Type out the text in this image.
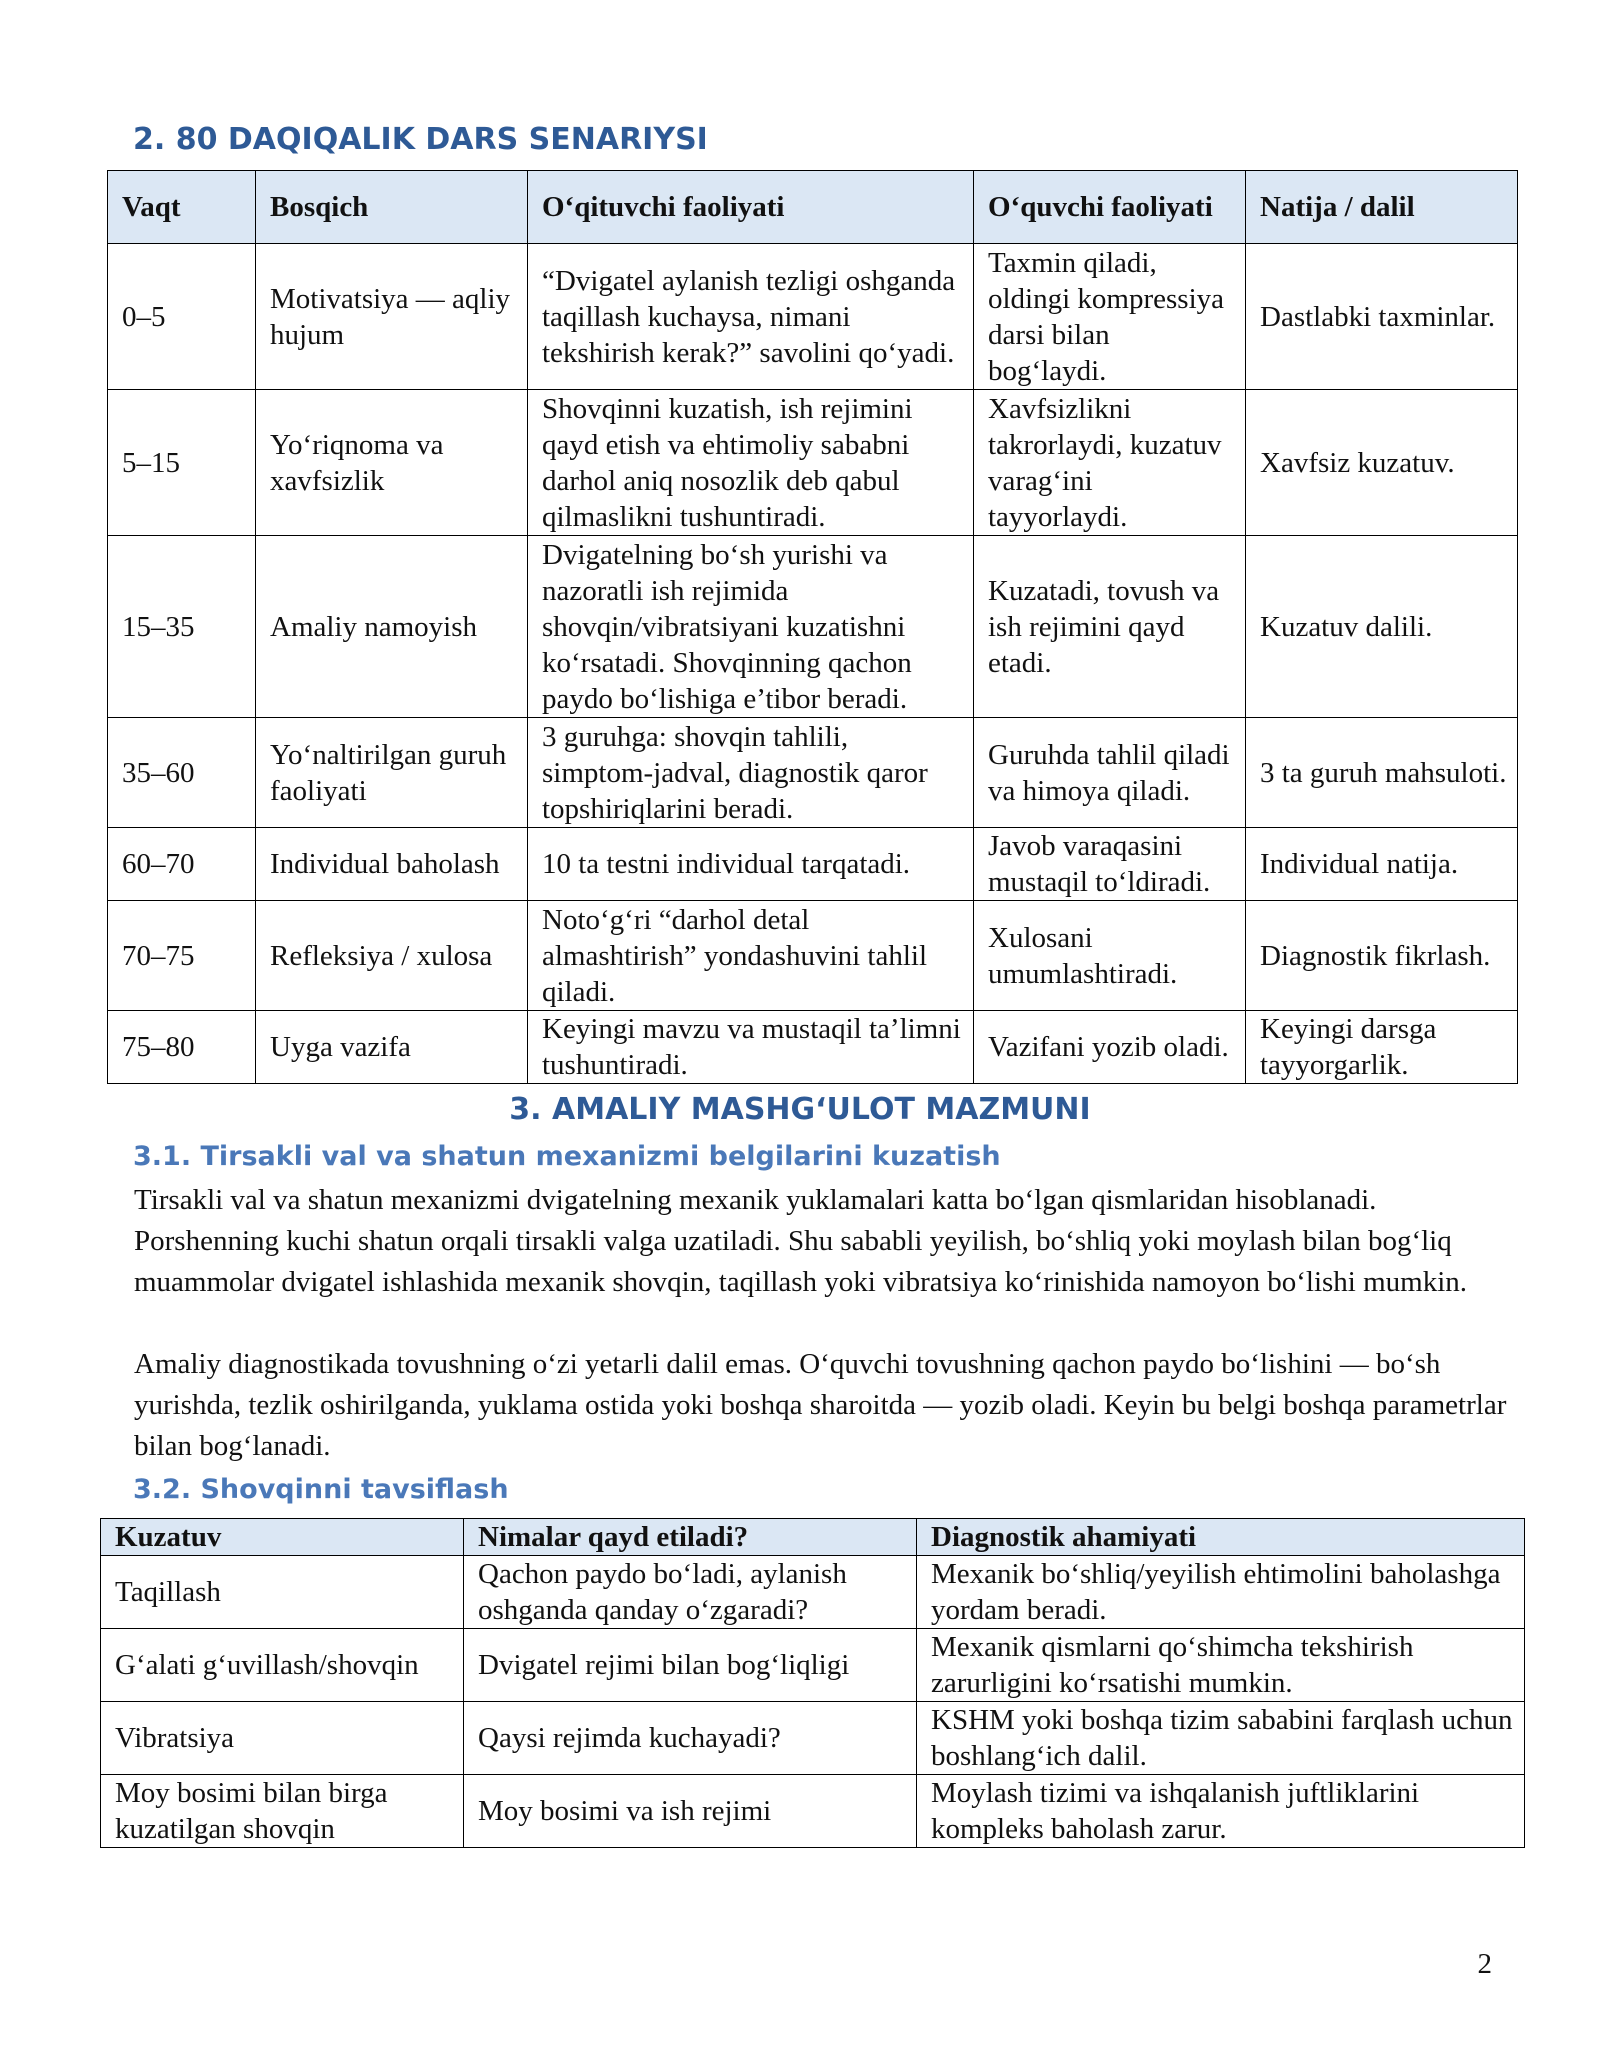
2. 80 DAQIQALIK DARS SENARIYSI
Vaqt	Bosqich	O‘qituvchi faoliyati	O‘quvchi faoliyati	Natija / dalil
0–5	Motivatsiya — aqliy hujum	“Dvigatel aylanish tezligi oshganda taqillash kuchaysa, nimani tekshirish kerak?” savolini qo‘yadi.	Taxmin qiladi, oldingi kompressiya darsi bilan bog‘laydi.	Dastlabki taxminlar.
5–15	Yo‘riqnoma va xavfsizlik	Shovqinni kuzatish, ish rejimini qayd etish va ehtimoliy sababni darhol aniq nosozlik deb qabul qilmaslikni tushuntiradi.	Xavfsizlikni takrorlaydi, kuzatuv varag‘ini tayyorlaydi.	Xavfsiz kuzatuv.
15–35	Amaliy namoyish	Dvigatelning bo‘sh yurishi va nazoratli ish rejimida shovqin/vibratsiyani kuzatishni ko‘rsatadi. Shovqinning qachon paydo bo‘lishiga e’tibor beradi.	Kuzatadi, tovush va ish rejimini qayd etadi.	Kuzatuv dalili.
35–60	Yo‘naltirilgan guruh faoliyati	3 guruhga: shovqin tahlili, simptom-jadval, diagnostik qaror topshiriqlarini beradi.	Guruhda tahlil qiladi va himoya qiladi.	3 ta guruh mahsuloti.
60–70	Individual baholash	10 ta testni individual tarqatadi.	Javob varaqasini mustaqil to‘ldiradi.	Individual natija.
70–75	Refleksiya / xulosa	Noto‘g‘ri “darhol detal almashtirish” yondashuvini tahlil qiladi.	Xulosani umumlashtiradi.	Diagnostik fikrlash.
75–80	Uyga vazifa	Keyingi mavzu va mustaqil ta’limni tushuntiradi.	Vazifani yozib oladi.	Keyingi darsga tayyorgarlik.
3. AMALIY MASHG‘ULOT MAZMUNI
3.1. Tirsakli val va shatun mexanizmi belgilarini kuzatish

Tirsakli val va shatun mexanizmi dvigatelning mexanik yuklamalari katta bo‘lgan qismlaridan hisoblanadi. Porshenning kuchi shatun orqali tirsakli valga uzatiladi. Shu sababli yeyilish, bo‘shliq yoki moylash bilan bog‘liq muammolar dvigatel ishlashida mexanik shovqin, taqillash yoki vibratsiya ko‘rinishida namoyon bo‘lishi mumkin.

Amaliy diagnostikada tovushning o‘zi yetarli dalil emas. O‘quvchi tovushning qachon paydo bo‘lishini — bo‘sh yurishda, tezlik oshirilganda, yuklama ostida yoki boshqa sharoitda — yozib oladi. Keyin bu belgi boshqa parametrlar bilan bog‘lanadi.

3.2. Shovqinni tavsiflash
Kuzatuv	Nimalar qayd etiladi?	Diagnostik ahamiyati
Taqillash	Qachon paydo bo‘ladi, aylanish oshganda qanday o‘zgaradi?	Mexanik bo‘shliq/yeyilish ehtimolini baholashga yordam beradi.
G‘alati g‘uvillash/shovqin	Dvigatel rejimi bilan bog‘liqligi	Mexanik qismlarni qo‘shimcha tekshirish zarurligini ko‘rsatishi mumkin.
Vibratsiya	Qaysi rejimda kuchayadi?	KSHM yoki boshqa tizim sababini farqlash uchun boshlang‘ich dalil.
Moy bosimi bilan birga kuzatilgan shovqin	Moy bosimi va ish rejimi	Moylash tizimi va ishqalanish juftliklarini kompleks baholash zarur.
2
